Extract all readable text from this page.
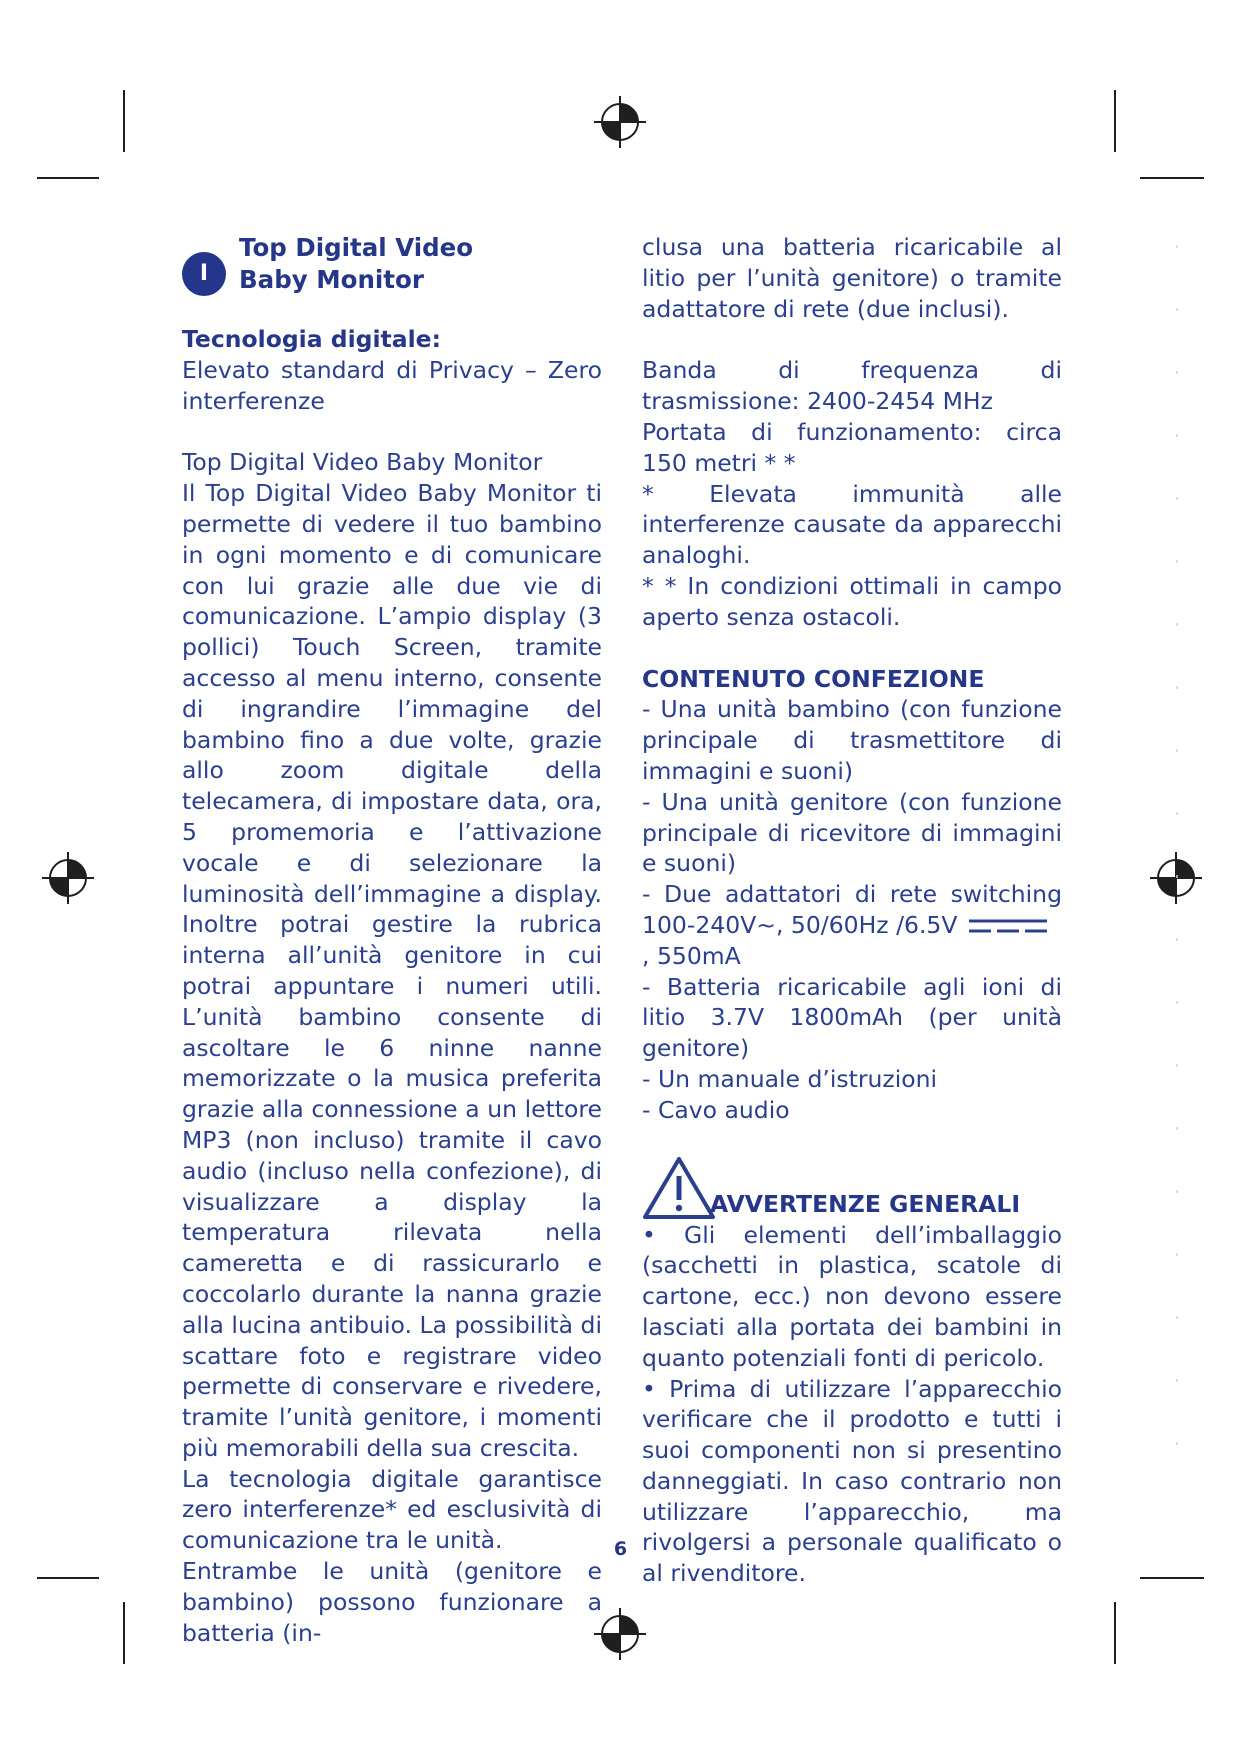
I

Top Digital Video

Baby Monitor

Tecnologia digitale:

Elevato standard di Privacy – Zero interferenze

Top Digital Video Baby Monitor

Il Top Digital Video Baby Monitor ti permette di vedere il tuo bambino in ogni momento e di comunicare con lui grazie alle due vie di comunicazione. L’ampio display (3 pollici) Touch Screen, tramite accesso al menu interno, consente di ingrandire l’immagine del bambino fino a due volte, grazie allo zoom digitale della telecamera, di impostare data, ora, 5 promemoria e l’attivazione vocale e di selezionare la luminosità dell’immagine a display. Inoltre potrai gestire la rubrica interna all’unità genitore in cui potrai appuntare i numeri utili. L’unità bambino consente di ascoltare le 6 ninne nanne memorizzate o la musica preferita grazie alla connessione a un lettore MP3 (non incluso) tramite il cavo audio (incluso nella confezione), di visualizzare a display la temperatura rilevata nella cameretta e di rassicurarlo e coccolarlo durante la nanna grazie alla lucina antibuio. La possibilità di scattare foto e registrare video permette di conservare e rivedere, tramite l’unità genitore, i momenti più memorabili della sua crescita.

La tecnologia digitale garantisce zero interferenze* ed esclusività di comunicazione tra le unità.

Entrambe le unità (genitore e bambino) possono funzionare a batteria (in-

clusa una batteria ricaricabile al litio per l’unità genitore) o tramite adattatore di rete (due inclusi).

Banda di frequenza di trasmissione: 2400-2454 MHz

Portata di funzionamento: circa 150 metri * *

* Elevata immunità alle interferenze causate da apparecchi analoghi.

* * In condizioni ottimali in campo aperto senza ostacoli.

CONTENUTO CONFEZIONE

- Una unità bambino (con funzione principale di trasmettitore di immagini e suoni)

- Una unità genitore (con funzione principale di ricevitore di immagini e suoni)

- Due adattatori di rete switching 100-240V~, 50/60Hz /6.5V

, 550mA

- Batteria ricaricabile agli ioni di litio 3.7V 1800mAh (per unità genitore)

- Un manuale d’istruzioni

- Cavo audio

AVVERTENZE GENERALI

• Gli elementi dell’imballaggio (sacchetti in plastica, scatole di cartone, ecc.) non devono essere lasciati alla portata dei bambini in quanto potenziali fonti di pericolo.

• Prima di utilizzare l’apparecchio verificare che il prodotto e tutti i suoi componenti non si presentino danneggiati. In caso contrario non utilizzare l’apparecchio, ma rivolgersi a personale qualificato o al rivenditore.

6
